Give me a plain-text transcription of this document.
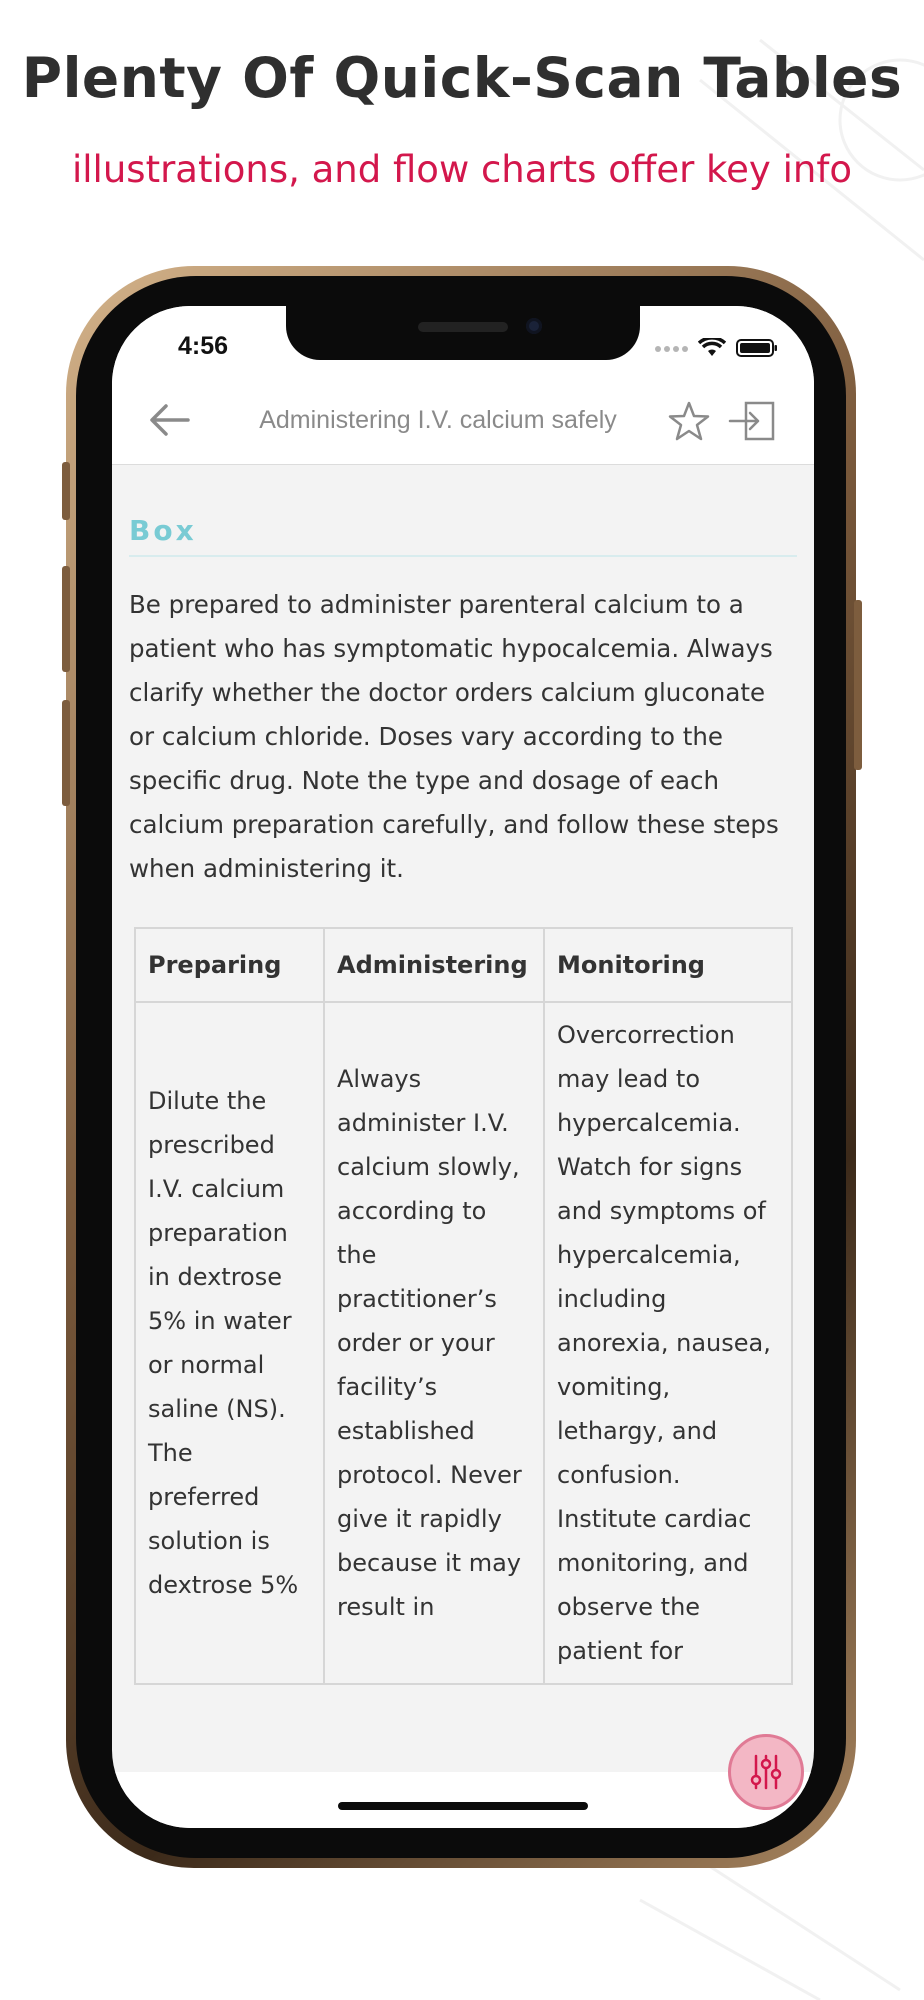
Plenty Of Quick-Scan Tables
illustrations, and flow charts offer key info
4:56
Administering I.V. calcium safely
Box

Be prepared to administer parenteral calcium to a patient who has symptomatic hypocalcemia. Always clarify whether the doctor orders calcium gluconate or calcium chloride. Doses vary according to the specific drug. Note the type and dosage of each calcium preparation carefully, and follow these steps when administering it.

Preparing	Administering	Monitoring
Dilute the prescribed I.V. calcium preparation in dextrose 5% in water or normal saline (NS). The preferred solution is dextrose 5%	Always administer I.V. calcium slowly, according to the practitioner’s order or your facility’s established protocol. Never give it rapidly because it may result in	Overcorrection may lead to hypercalcemia. Watch for signs and symptoms of hypercalcemia, including anorexia, nausea, vomiting, lethargy, and confusion. Institute cardiac monitoring, and observe the patient for
